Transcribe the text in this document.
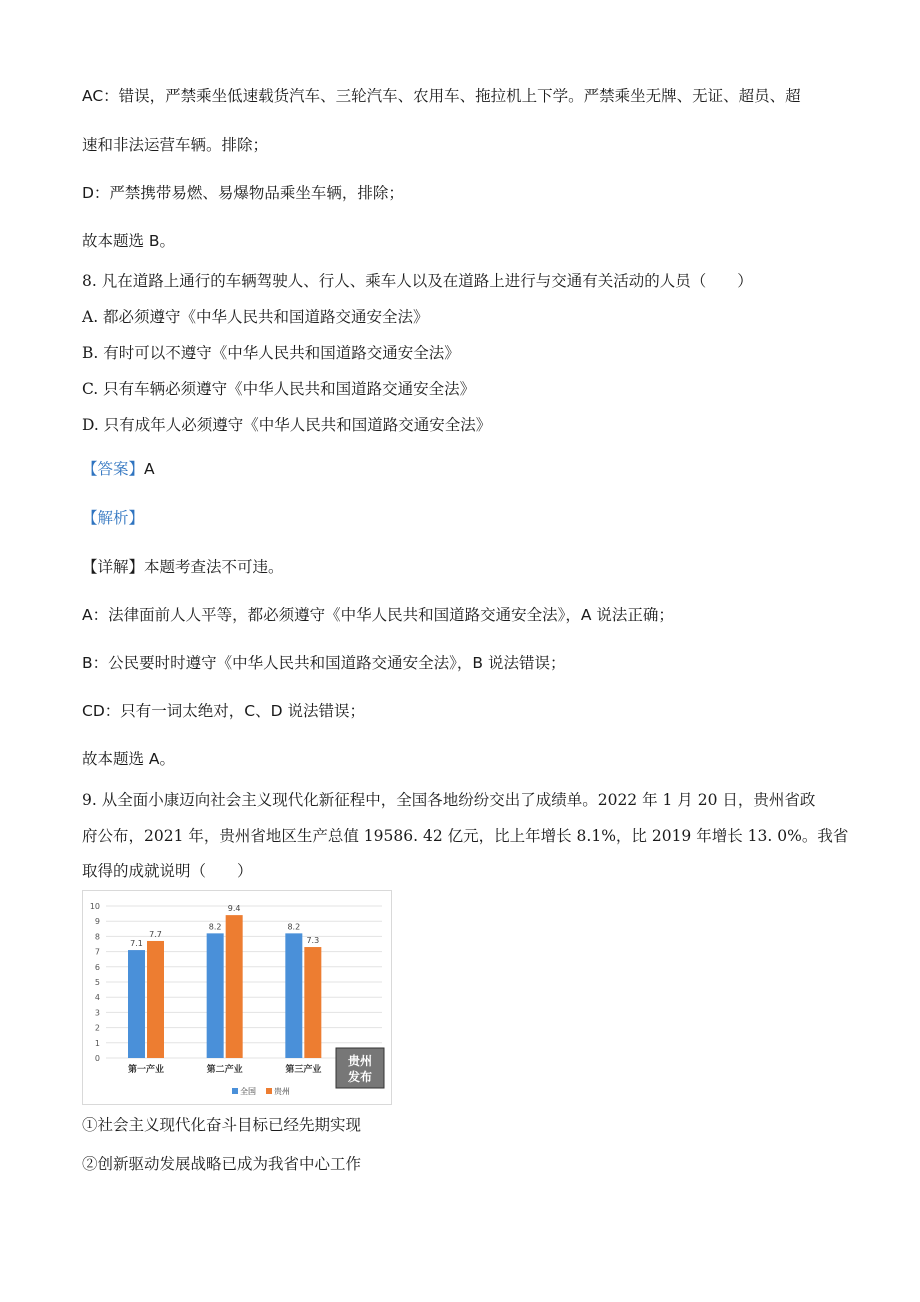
AC：错误，严禁乘坐低速载货汽车、三轮汽车、农用车、拖拉机上下学。严禁乘坐无牌、无证、超员、超
速和非法运营车辆。排除；
D：严禁携带易燃、易爆物品乘坐车辆，排除；
故本题选 B。
8. 凡在道路上通行的车辆驾驶人、行人、乘车人以及在道路上进行与交通有关活动的人员（　　）
A. 都必须遵守《中华人民共和国道路交通安全法》
B. 有时可以不遵守《中华人民共和国道路交通安全法》
C. 只有车辆必须遵守《中华人民共和国道路交通安全法》
D. 只有成年人必须遵守《中华人民共和国道路交通安全法》
【答案】A
【解析】
【详解】本题考查法不可违。
A：法律面前人人平等，都必须遵守《中华人民共和国道路交通安全法》，A 说法正确；
B：公民要时时遵守《中华人民共和国道路交通安全法》，B 说法错误；
CD：只有一词太绝对，C、D 说法错误；
故本题选 A。
9. 从全面小康迈向社会主义现代化新征程中，全国各地纷纷交出了成绩单。2022 年 1 月 20 日，贵州省政
府公布，2021 年，贵州省地区生产总值 19586. 42 亿元，比上年增长 8.1%，比 2019 年增长 13. 0%。我省
取得的成就说明（　　）
0
1
2
3
4
5
6
7
8
9
10
7.1
7.7
第一产业
8.2
9.4
第二产业
8.2
7.3
第三产业
全国 贵州
贵州
发布
①社会主义现代化奋斗目标已经先期实现
②创新驱动发展战略已成为我省中心工作
